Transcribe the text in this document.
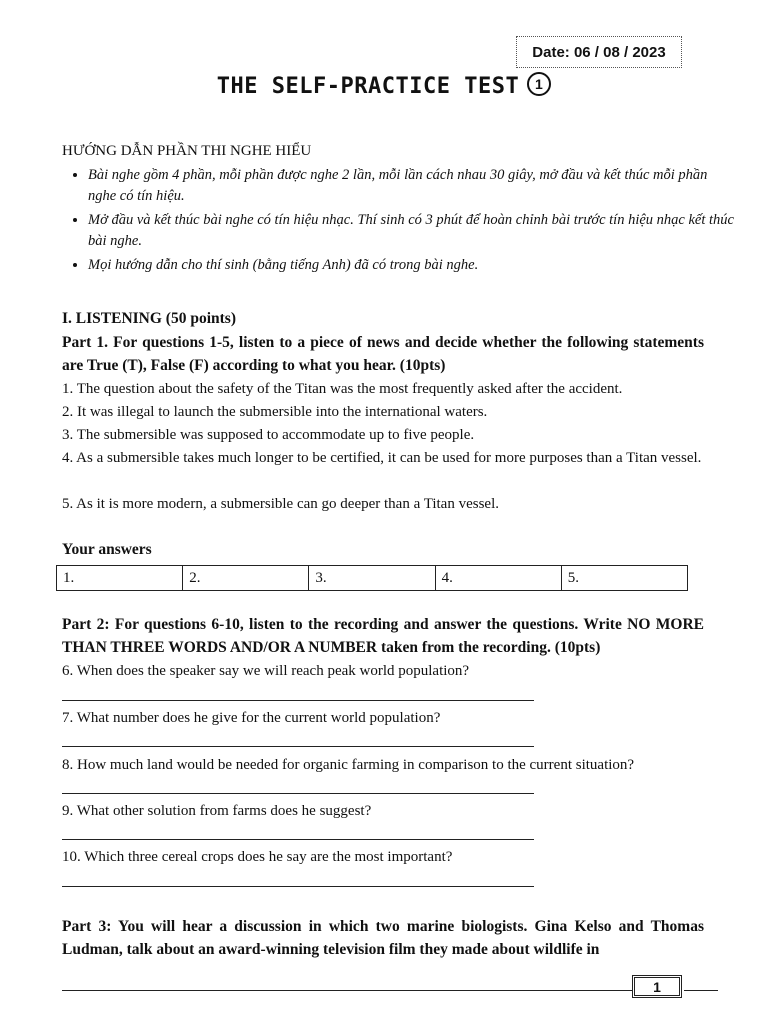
Date: 06 / 08 / 2023
THE SELF-PRACTICE TEST 1
HƯỚNG DẪN PHẦN THI NGHE HIỂU
• Bài nghe gồm 4 phần, mỗi phần được nghe 2 lần, mỗi lần cách nhau 30 giây, mở đầu và kết thúc mỗi phần nghe có tín hiệu.
• Mở đầu và kết thúc bài nghe có tín hiệu nhạc. Thí sinh có 3 phút để hoàn chỉnh bài trước tín hiệu nhạc kết thúc bài nghe.
• Mọi hướng dẫn cho thí sinh (bằng tiếng Anh) đã có trong bài nghe.
I. LISTENING (50 points)
Part 1. For questions 1-5, listen to a piece of news and decide whether the following statements are True (T), False (F) according to what you hear. (10pts)
1. The question about the safety of the Titan was the most frequently asked after the accident.
2. It was illegal to launch the submersible into the international waters.
3. The submersible was supposed to accommodate up to five people.
4. As a submersible takes much longer to be certified, it can be used for more purposes than a Titan vessel.
5. As it is more modern, a submersible can go deeper than a Titan vessel.
Your answers
1.	2.	3.	4.	5.
Part 2: For questions 6-10, listen to the recording and answer the questions. Write NO MORE THAN THREE WORDS AND/OR A NUMBER taken from the recording. (10pts)
6. When does the speaker say we will reach peak world population?
7. What number does he give for the current world population?
8. How much land would be needed for organic farming in comparison to the current situation?
9. What other solution from farms does he suggest?
10. Which three cereal crops does he say are the most important?
Part 3: You will hear a discussion in which two marine biologists. Gina Kelso and Thomas Ludman, talk about an award-winning television film they made about wildlife in
1
